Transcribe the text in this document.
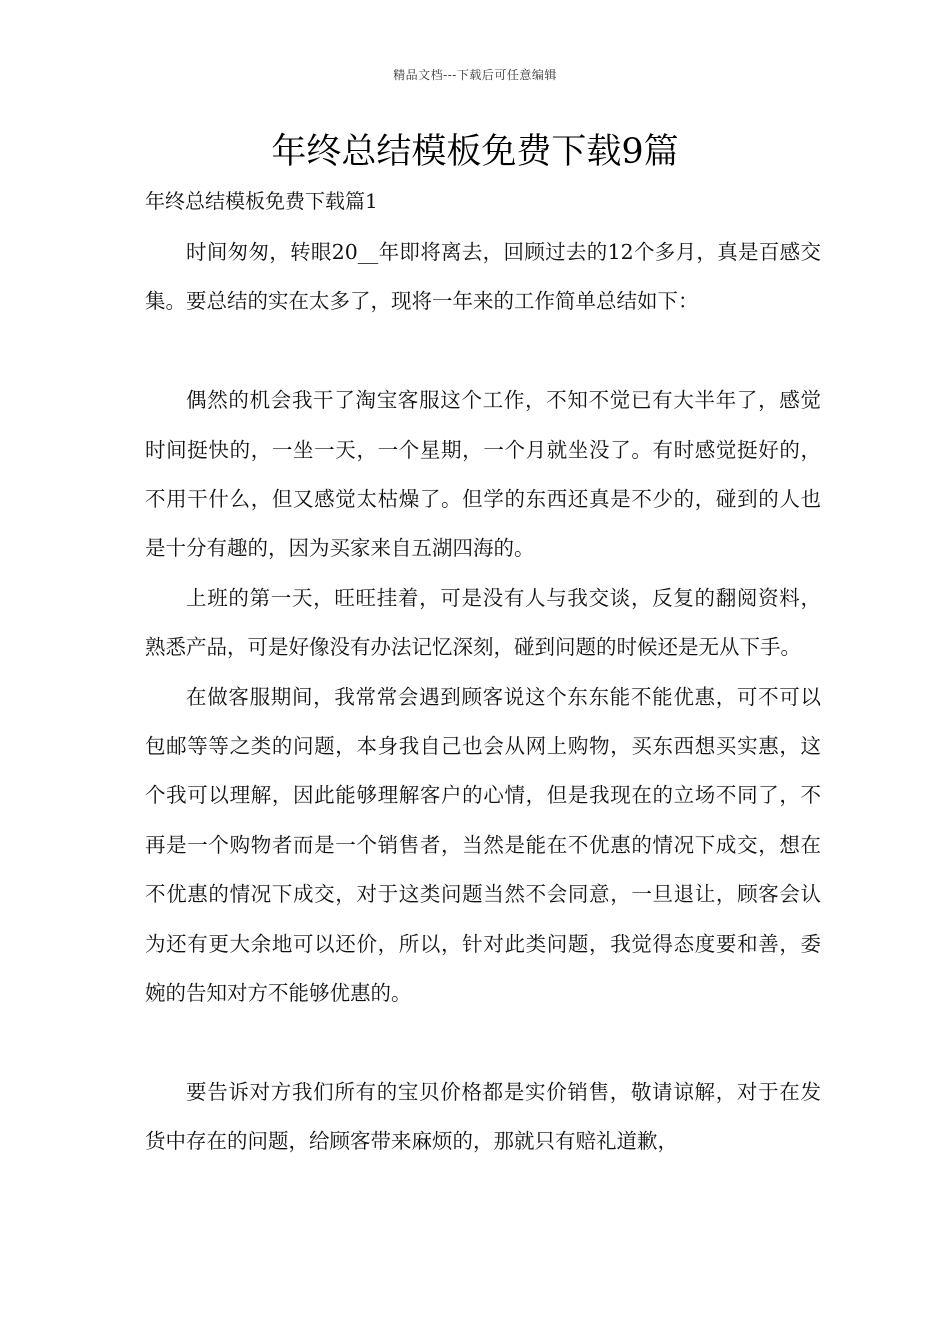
精品文档---下载后可任意编辑
年终总结模板免费下载9篇
年终总结模板免费下载篇1

时间匆匆，转眼20__年即将离去，回顾过去的12个多月，真是百感交集。要总结的实在太多了，现将一年来的工作简单总结如下：

偶然的机会我干了淘宝客服这个工作，不知不觉已有大半年了，感觉时间挺快的，一坐一天，一个星期，一个月就坐没了。有时感觉挺好的，不用干什么，但又感觉太枯燥了。但学的东西还真是不少的，碰到的人也是十分有趣的，因为买家来自五湖四海的。

上班的第一天，旺旺挂着，可是没有人与我交谈，反复的翻阅资料，熟悉产品，可是好像没有办法记忆深刻，碰到问题的时候还是无从下手。

在做客服期间，我常常会遇到顾客说这个东东能不能优惠，可不可以包邮等等之类的问题，本身我自己也会从网上购物，买东西想买实惠，这个我可以理解，因此能够理解客户的心情，但是我现在的立场不同了，不再是一个购物者而是一个销售者，当然是能在不优惠的情况下成交，想在不优惠的情况下成交，对于这类问题当然不会同意，一旦退让，顾客会认为还有更大余地可以还价，所以，针对此类问题，我觉得态度要和善，委婉的告知对方不能够优惠的。

要告诉对方我们所有的宝贝价格都是实价销售，敬请谅解，对于在发货中存在的问题，给顾客带来麻烦的，那就只有赔礼道歉，
